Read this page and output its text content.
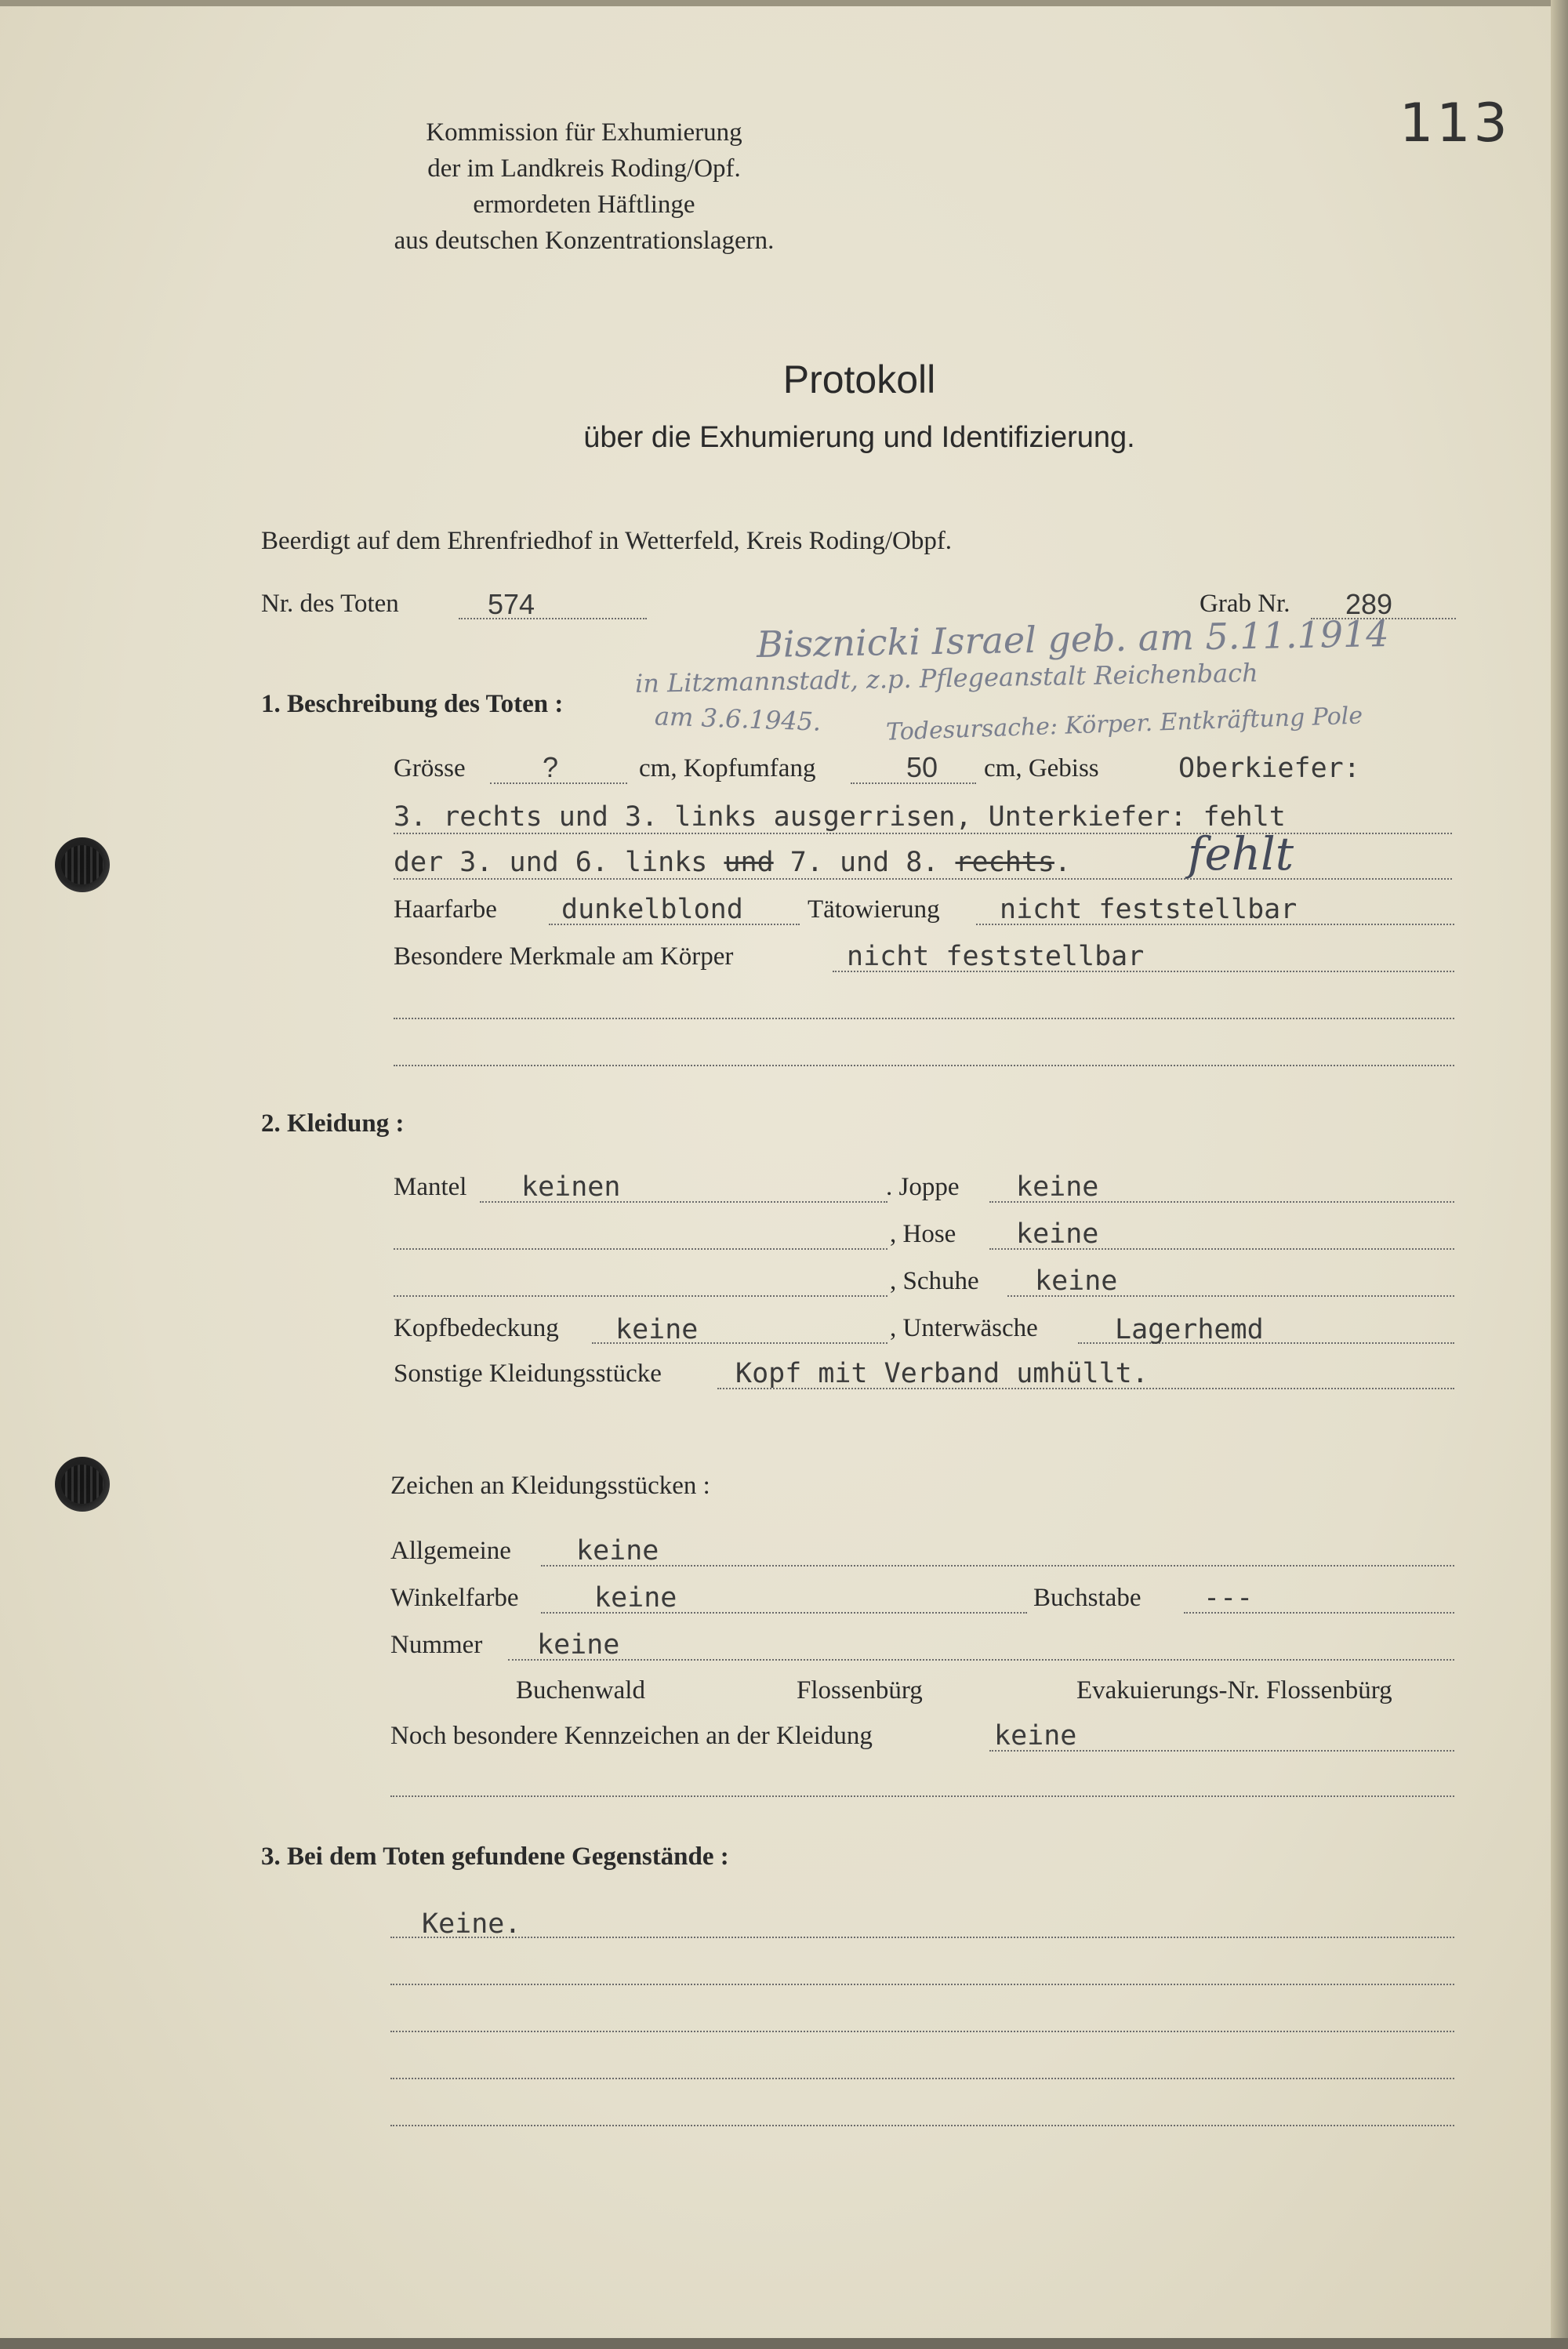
Kommission für Exhumierung
der im Landkreis Roding/Opf.
ermordeten Häftlinge
aus deutschen Konzentrationslagern.
113
Protokoll
über die Exhumierung und Identifizierung.
Beerdigt auf dem Ehrenfriedhof in Wetterfeld, Kreis Roding/Obpf.
Nr. des Toten	574	Grab Nr. 289
Bisznicki Israel geb. am 5.11.1914
in Litzmannstadt, z.p. Pflegeanstalt Reichenbach
am 3.6.1945.	Todesursache: Körper. Entkräftung Pole
1. Beschreibung des Toten :
Grösse	?	cm, Kopfumfang	50 cm, Gebiss	Oberkiefer:
3. rechts und 3. links ausgerrisen, Unterkiefer: fehlt
der 3. und 6. links und 7. und 8. rechts.	fehlt
Haarfarbe dunkelblond Tätowierung nicht feststellbar
Besondere Merkmale am Körper	nicht feststellbar
2. Kleidung :
Mantel keinen	. Joppe keine
, Hose keine
, Schuhe keine
Kopfbedeckung keine	, Unterwäsche	Lagerhemd
Sonstige Kleidungsstücke	Kopf mit Verband umhüllt.
Zeichen an Kleidungsstücken :
Allgemeine keine
Winkelfarbe	keine	Buchstabe ---
Nummer keine
Buchenwald	Flossenbürg	Evakuierungs-Nr. Flossenbürg
Noch besondere Kennzeichen an der Kleidung	keine
3. Bei dem Toten gefundene Gegenstände :
Keine.
